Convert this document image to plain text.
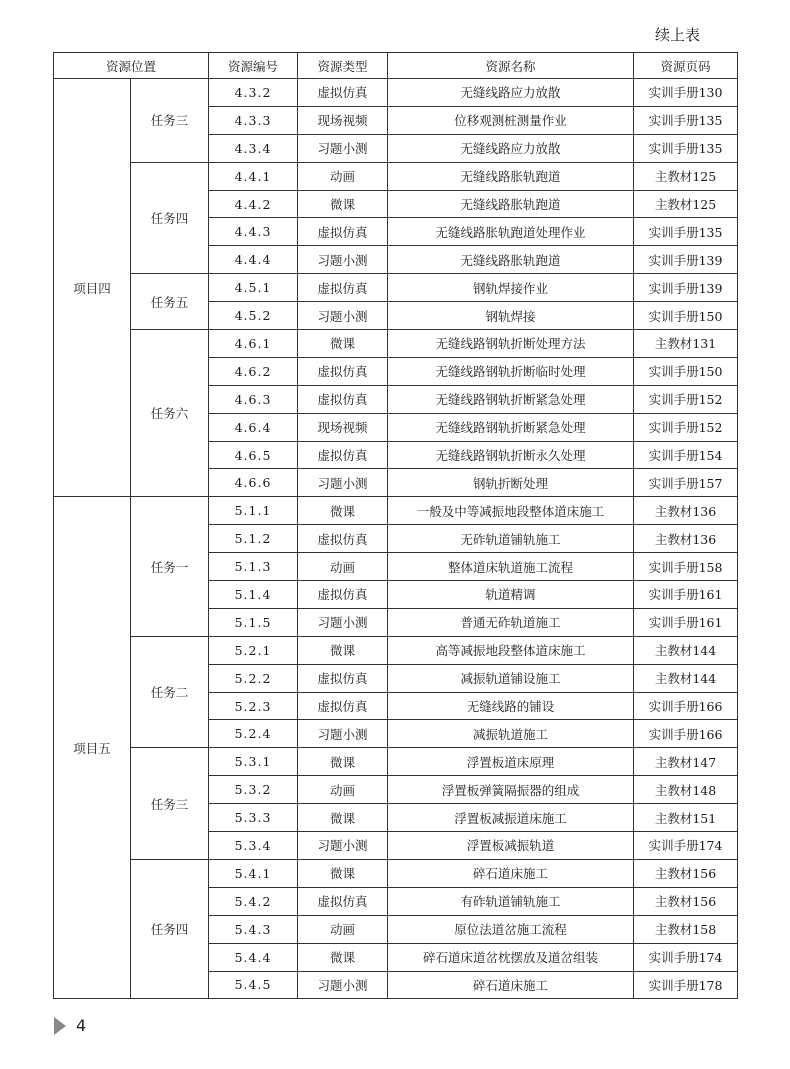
续上表
资源位置		资源编号	资源类型	资源名称	资源页码
项目四	任务三	4.3.2	虚拟仿真	无缝线路应力放散	实训手册130
		4.3.3	现场视频	位移观测桩测量作业	实训手册135
		4.3.4	习题小测	无缝线路应力放散	实训手册135
	任务四	4.4.1	动画	无缝线路胀轨跑道	主教材125
		4.4.2	微课	无缝线路胀轨跑道	主教材125
		4.4.3	虚拟仿真	无缝线路胀轨跑道处理作业	实训手册135
		4.4.4	习题小测	无缝线路胀轨跑道	实训手册139
	任务五	4.5.1	虚拟仿真	钢轨焊接作业	实训手册139
		4.5.2	习题小测	钢轨焊接	实训手册150
	任务六	4.6.1	微课	无缝线路钢轨折断处理方法	主教材131
		4.6.2	虚拟仿真	无缝线路钢轨折断临时处理	实训手册150
		4.6.3	虚拟仿真	无缝线路钢轨折断紧急处理	实训手册152
		4.6.4	现场视频	无缝线路钢轨折断紧急处理	实训手册152
		4.6.5	虚拟仿真	无缝线路钢轨折断永久处理	实训手册154
		4.6.6	习题小测	钢轨折断处理	实训手册157
项目五	任务一	5.1.1	微课	一般及中等减振地段整体道床施工	主教材136
		5.1.2	虚拟仿真	无砟轨道铺轨施工	主教材136
		5.1.3	动画	整体道床轨道施工流程	实训手册158
		5.1.4	虚拟仿真	轨道精调	实训手册161
		5.1.5	习题小测	普通无砟轨道施工	实训手册161
	任务二	5.2.1	微课	高等减振地段整体道床施工	主教材144
		5.2.2	虚拟仿真	减振轨道铺设施工	主教材144
		5.2.3	虚拟仿真	无缝线路的铺设	实训手册166
		5.2.4	习题小测	减振轨道施工	实训手册166
	任务三	5.3.1	微课	浮置板道床原理	主教材147
		5.3.2	动画	浮置板弹簧隔振器的组成	主教材148
		5.3.3	微课	浮置板减振道床施工	主教材151
		5.3.4	习题小测	浮置板减振轨道	实训手册174
	任务四	5.4.1	微课	碎石道床施工	主教材156
		5.4.2	虚拟仿真	有砟轨道铺轨施工	主教材156
		5.4.3	动画	原位法道岔施工流程	主教材158
		5.4.4	微课	碎石道床道岔枕摆放及道岔组装	实训手册174
		5.4.5	习题小测	碎石道床施工	实训手册178
4
